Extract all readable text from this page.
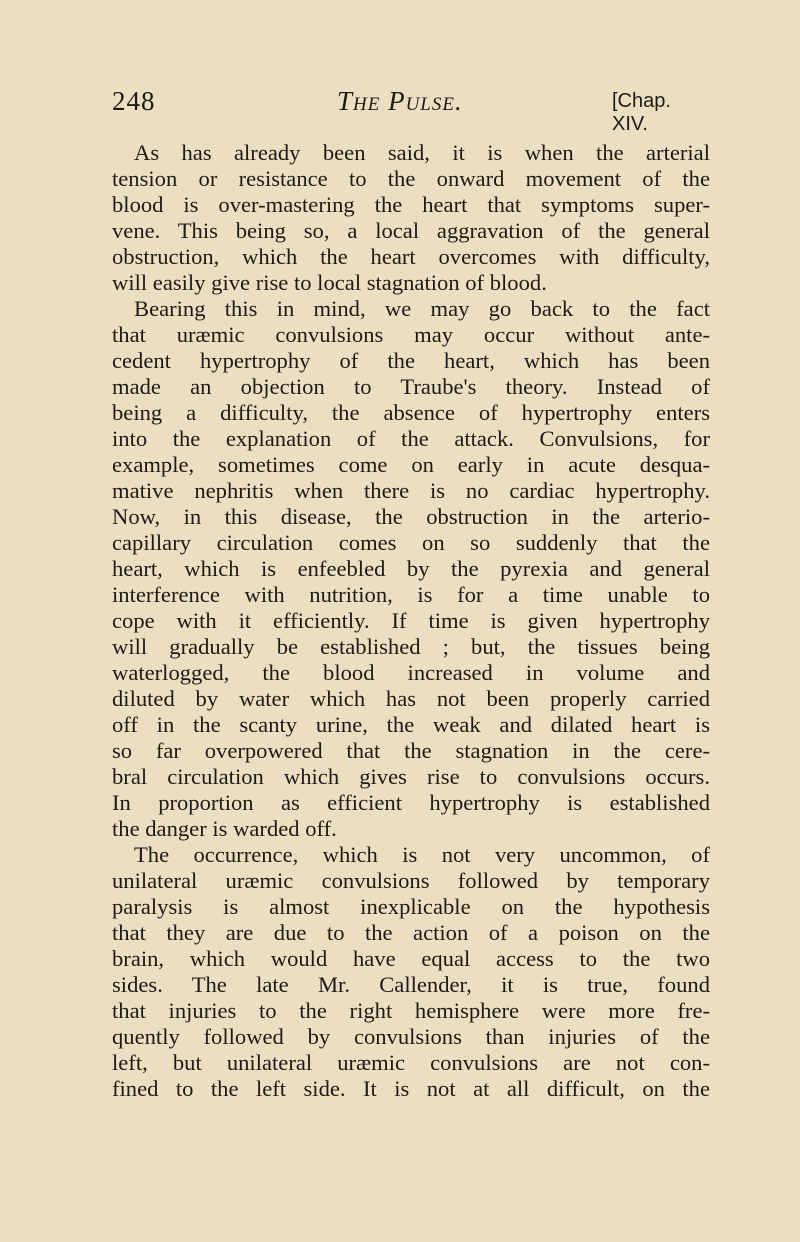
248	The Pulse.	[Chap. XIV.
As has already been said, it is when the arterial
tension or resistance to the onward movement of the
blood is over-mastering the heart that symptoms super-
vene. This being so, a local aggravation of the general
obstruction, which the heart overcomes with difficulty,
will easily give rise to local stagnation of blood.
Bearing this in mind, we may go back to the fact
that uræmic convulsions may occur without ante-
cedent hypertrophy of the heart, which has been
made an objection to Traube's theory. Instead of
being a difficulty, the absence of hypertrophy enters
into the explanation of the attack. Convulsions, for
example, sometimes come on early in acute desqua-
mative nephritis when there is no cardiac hypertrophy.
Now, in this disease, the obstruction in the arterio-
capillary circulation comes on so suddenly that the
heart, which is enfeebled by the pyrexia and general
interference with nutrition, is for a time unable to
cope with it efficiently. If time is given hypertrophy
will gradually be established ; but, the tissues being
waterlogged, the blood increased in volume and
diluted by water which has not been properly carried
off in the scanty urine, the weak and dilated heart is
so far overpowered that the stagnation in the cere-
bral circulation which gives rise to convulsions occurs.
In proportion as efficient hypertrophy is established
the danger is warded off.
The occurrence, which is not very uncommon, of
unilateral uræmic convulsions followed by temporary
paralysis is almost inexplicable on the hypothesis
that they are due to the action of a poison on the
brain, which would have equal access to the two
sides. The late Mr. Callender, it is true, found
that injuries to the right hemisphere were more fre-
quently followed by convulsions than injuries of the
left, but unilateral uræmic convulsions are not con-
fined to the left side. It is not at all difficult, on the
